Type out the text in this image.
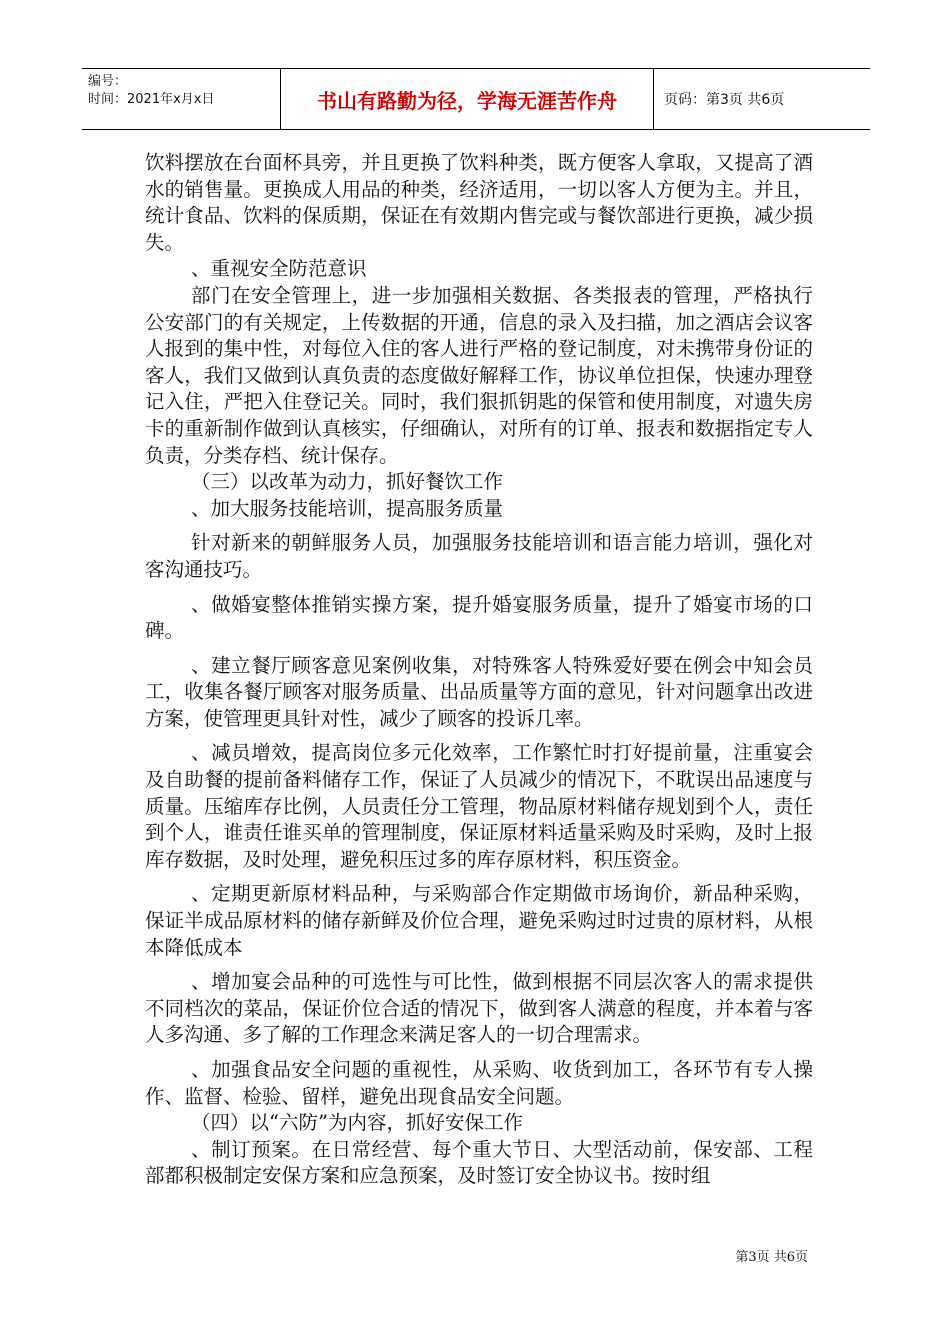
编号：
时间：2021年x月x日	书山有路勤为径，学海无涯苦作舟	页码：第3页 共6页

饮料摆放在台面杯具旁，并且更换了饮料种类，既方便客人拿取，又提高了酒水的销售量。更换成人用品的种类，经济适用，一切以客人方便为主。并且，统计食品、饮料的保质期，保证在有效期内售完或与餐饮部进行更换，减少损失。

、重视安全防范意识

部门在安全管理上，进一步加强相关数据、各类报表的管理，严格执行公安部门的有关规定，上传数据的开通，信息的录入及扫描，加之酒店会议客人报到的集中性，对每位入住的客人进行严格的登记制度，对未携带身份证的客人，我们又做到认真负责的态度做好解释工作，协议单位担保，快速办理登记入住，严把入住登记关。同时，我们狠抓钥匙的保管和使用制度，对遗失房卡的重新制作做到认真核实，仔细确认，对所有的订单、报表和数据指定专人负责，分类存档、统计保存。

（三）以改革为动力，抓好餐饮工作

、加大服务技能培训，提高服务质量

针对新来的朝鲜服务人员，加强服务技能培训和语言能力培训，强化对客沟通技巧。

、做婚宴整体推销实操方案，提升婚宴服务质量，提升了婚宴市场的口碑。

、建立餐厅顾客意见案例收集，对特殊客人特殊爱好要在例会中知会员工，收集各餐厅顾客对服务质量、出品质量等方面的意见，针对问题拿出改进方案，使管理更具针对性，减少了顾客的投诉几率。

、减员增效，提高岗位多元化效率，工作繁忙时打好提前量，注重宴会及自助餐的提前备料储存工作，保证了人员减少的情况下，不耽误出品速度与质量。压缩库存比例，人员责任分工管理，物品原材料储存规划到个人，责任到个人，谁责任谁买单的管理制度，保证原材料适量采购及时采购，及时上报库存数据，及时处理，避免积压过多的库存原材料，积压资金。

、定期更新原材料品种，与采购部合作定期做市场询价，新品种采购，保证半成品原材料的储存新鲜及价位合理，避免采购过时过贵的原材料，从根本降低成本

、增加宴会品种的可选性与可比性，做到根据不同层次客人的需求提供不同档次的菜品，保证价位合适的情况下，做到客人满意的程度，并本着与客人多沟通、多了解的工作理念来满足客人的一切合理需求。

、加强食品安全问题的重视性，从采购、收货到加工，各环节有专人操作、监督、检验、留样，避免出现食品安全问题。

（四）以“六防”为内容，抓好安保工作

、制订预案。在日常经营、每个重大节日、大型活动前，保安部、工程部都积极制定安保方案和应急预案，及时签订安全协议书。按时组

第3页 共6页
